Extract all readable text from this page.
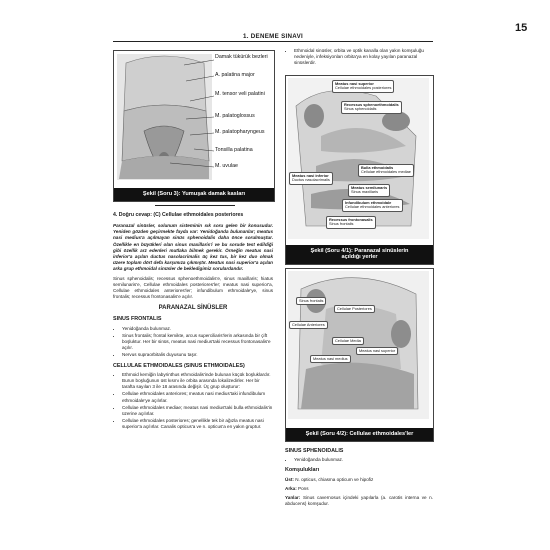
15
1. DENEME SINAVI
Damak tükürük bezleri
A. palatina major
M. tensor veli palatini
M. palatoglossus
M. palatopharyngeus
Tonsilla palatina
M. uvulae
Şekil (Soru 3): Yumuşak damak kasları
4. Doğru cevap: (C) Cellulae ethmoidales posteriores

Paranazal sinüsler, solunum sisteminin sık soru gelen bir konusudur. Yeniden gözden geçirmekte fayda var: Yenidoğanda bulunanlar; meatus nasi medius'a açılmayan sinüs sphenoidalis daha önce sorulmuştur. Özellikle en büyükleri olan sinus maxillaris'i ve bu sorude test edildiği gibi özellik arz edenleri mutlaka bilmek gerekir. Örneğin meatus nasi inferior'a açılan ductus nasolacrimalis üç kez tus, bir kez duo olmak üzere toplam dört defa karşımıza çıkmıştır. Meatus nasi superior'a açılan arka grup ethmoidal sinüsler de bekledigimiz sorulardandır.

Sinus sphenoidalis; recessus sphenoethmoidalis'e, sinus maxillaris; hiatus semilunaris'e, Cellulae ethmoidales posteriores'ler; meatus nasi superior'a, Cellulae ethmoidales anteriores'ler; infundibulum ethmoidale'ye, sinus frontalis; recessus frontonasalis'e açılır.

PARANAZAL SİNÜSLER
SINUS FRONTALIS
• Yenidoğanda bulunmaz.
• Sinus frontalis; frontal kemikte, arcus superciliaris'lerin arkasında bir çift boşluktur. Her bir sinüs, meatus nasi medius'taki recessus frontonasalis'e açılır.
• Nervus supraorbitalis duyusunu taşır.
CELLULAE ETHMOIDALES (SINUS ETHMOIDALES)
• Ethmoid kemiğin labyrinthus ethmoidalis'inde bulunan küçük boşluklardır. Burun boşluğunun üst kısmı ile orbita arasında lokalizedirler. Her bir tarafta sayıları 3 ile 18 arasında değişir. Üç grup oluşturur:
• Cellulae ethmoidales anteriores; meatus nasi medius'taki infundibulum ethmoidale'ye açılırlar.
• Cellulae ethmoidales mediae; meatus nasi medius'taki bulla ethmoidalis'in üzerine açılırlar.
• Cellulae ethmoidales posteriores; genellikle tek bir ağızla meatus nasi superior'a açılırlar. Canalis opticus'a ve n. opticus'a en yakın gruptur.
• Ethmoidal sinüsler, orbita ve optik kanalla olan yakın komşuluğu nedeniyle, infeksiyonları orbita'ya en kolay yayılan paranazal sinüslerdir.
Meatus nasi superior
Cellulae ethmoidales posteriores
Recessus sphenoethmoidalis
Sinus sphenoidalis
Bulla ethmoidalis
Cellulae ethmoidales mediae
Meatus nasi inferior
Ductus nasolacrimalis
Meatus semilunaris
Sinus maxillaris
Infundibulum ethmoidale
Cellulae ethmoidales anteriores
Recessus frontonasalis
Sinus frontalis
Şekil (Soru 4/1): Paranazal sinüslerin
açıldığı yerler
Sinus frontalis
Cellulae Posteriores
Cellulae Anteriores
Cellulae Media
Meatus nasi superior
Meatus nasi medius
Şekil (Soru 4/2): Cellulae ethmoidales'ler
SINUS SPHENOIDALIS
• Yenidoğanda bulunmaz.
Komşulukları

Üst: N. opticus, chiasma opticum ve hipofiz

Arka: Pons

Yanlar: Sinus cavernosus içindeki yapılarla (a. carotis interna ve n. abducens) komşudur.
